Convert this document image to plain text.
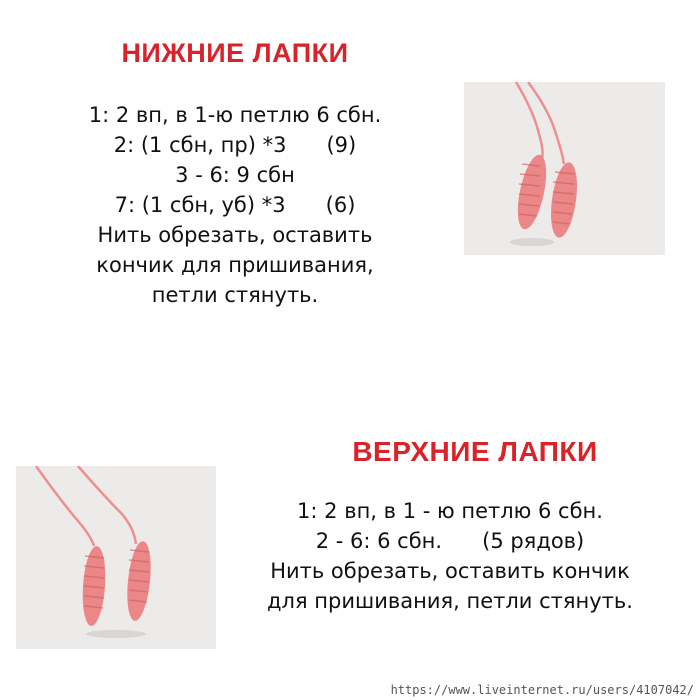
НИЖНИЕ ЛАПКИ
1: 2 вп, в 1-ю петлю 6 сбн.
2: (1 сбн, пр) *3      (9)
3 - 6: 9 сбн
7: (1 сбн, уб) *3      (6)
Нить обрезать, оставить
кончик для пришивания,
петли стянуть.
ВЕРХНИЕ ЛАПКИ
1: 2 вп, в 1 - ю петлю 6 сбн.
2 - 6: 6 сбн.      (5 рядов)
Нить обрезать, оставить кончик
для пришивания, петли стянуть.

https://www.liveinternet.ru/users/4107042/
